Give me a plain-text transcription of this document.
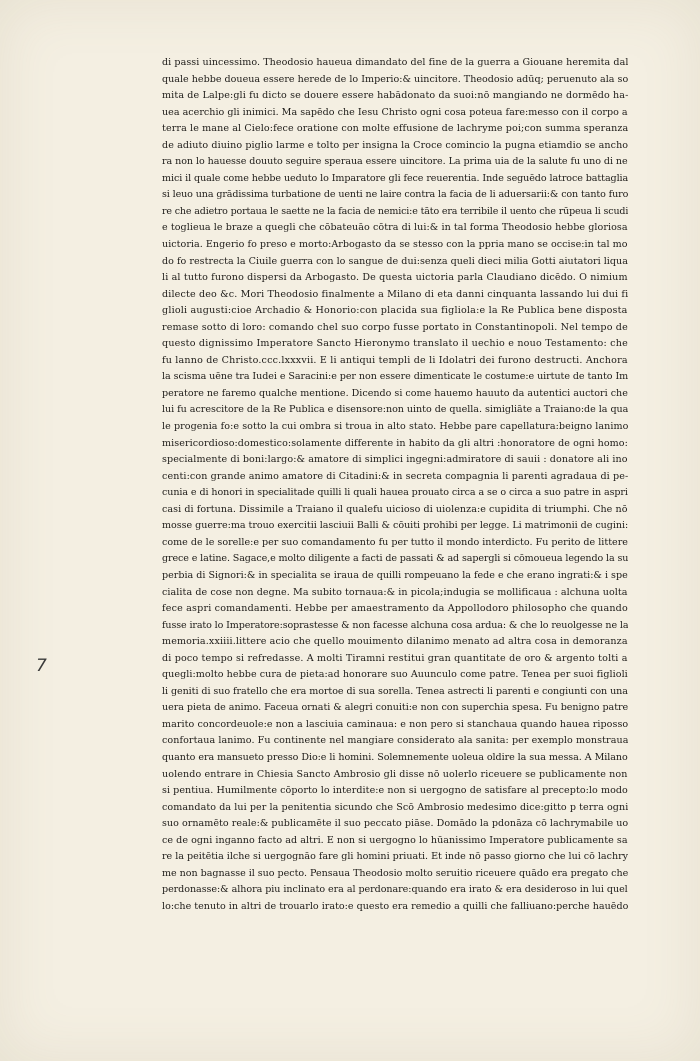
di passi uincessimo. Theodosio haueua dimandato del fine de la guerra a Giouane heremita dal
quale hebbe doueua essere herede de lo Imperio:& uincitore. Theodosio adūq; peruenuto ala so
mita de Lalpe:gli fu dicto se douere essere habādonato da suoi:nō mangiando ne dormēdo ha-
uea acerchio gli inimici. Ma sapēdo che Iesu Christo ogni cosa poteua fare:messo con il corpo a
terra le mane al Cielo:fece oratione con molte effusione de lachryme poi;con summa speranza
de adiuto diuino piglio larme e tolto per insigna la Croce comincio la pugna etiamdio se ancho
ra non lo hauesse douuto seguire speraua essere uincitore. La prima uia de la salute fu uno di ne
mici il quale come hebbe ueduto lo Imparatore gli fece reuerentia. Inde seguēdo latroce battaglia
si leuo una grādissima turbatione de uenti ne laire contra la facia de li aduersarii:& con tanto furo
re che adietro portaua le saette ne la facia de nemici:e tāto era terribile il uento che rūpeua li scudi
e toglieua le braze a quegli che cōbateuāo cōtra di lui:& in tal forma Theodosio hebbe gloriosa
uictoria. Engerio fo preso e morto:Arbogasto da se stesso con la ppria mano se occise:in tal mo
do fo restrecta la Ciuile guerra con lo sangue de dui:senza queli dieci milia Gotti aiutatori liqua
li al tutto furono dispersi da Arbogasto. De questa uictoria parla Claudiano dicēdo. O nimium
dilecte deo &c. Mori Theodosio finalmente a Milano di eta danni cinquanta lassando lui dui fi
glioli augusti:cioe Archadio & Honorio:con placida sua figliola:e la Re Publica bene disposta
remase sotto di loro: comando chel suo corpo fusse portato in Constantinopoli. Nel tempo de
questo dignissimo Imperatore Sancto Hieronymo translato il uechio e nouo Testamento: che
fu lanno de Christo.ccc.lxxxvii. E li antiqui templi de li Idolatri dei furono destructi. Anchora
la scisma uēne tra Iudei e Saracini:e per non essere dimenticate le costume:e uirtute de tanto Im
peratore ne faremo qualche mentione. Dicendo si come hauemo hauuto da autentici auctori che
lui fu acrescitore de la Re Publica e disensore:non uinto de quella. simigliāte a Traiano:de la qua
le progenia fo:e sotto la cui ombra si troua in alto stato. Hebbe pare capellatura:beigno lanimo
misericordioso:domestico:solamente differente in habito da gli altri :honoratore de ogni homo:
specialmente di boni:largo:& amatore di simplici ingegni:admiratore di sauii : donatore ali ino
centi:con grande animo amatore di Citadini:& in secreta compagnia li parenti agradaua di pe-
cunia e di honori in specialitade quilli li quali hauea prouato circa a se o circa a suo patre in aspri
casi di fortuna. Dissimile a Traiano il qualefu uicioso di uiolenza:e cupidita di triumphi. Che nō
mosse guerre:ma trouo exercitii lasciuii Balli & cōuiti prohibi per legge. Li matrimonii de cugini:
come de le sorelle:e per suo comandamento fu per tutto il mondo interdicto. Fu perito de littere
grece e latine. Sagace,e molto diligente a facti de passati & ad sapergli si cōmoueua legendo la su
perbia di Signori:& in specialita se iraua de quilli rompeuano la fede e che erano ingrati:& i spe
cialita de cose non degne. Ma subito tornaua:& in picola;indugia se mollificaua : alchuna uolta
fece aspri comandamenti. Hebbe per amaestramento da Appollodoro philosopho che quando
fusse irato lo Imperatore:soprastesse & non facesse alchuna cosa ardua: & che lo reuolgesse ne la
memoria.xxiiii.littere acio che quello mouimento dilanimo menato ad altra cosa in demoranza
di poco tempo si refredasse. A molti Tiramni restitui gran quantitate de oro & argento tolti a
quegli:molto hebbe cura de pieta:ad honorare suo Auunculo come patre. Tenea per suoi figlioli
li geniti di suo fratello che era mortoe di sua sorella. Tenea astrecti li parenti e congiunti con una
uera pieta de animo. Faceua ornati & alegri conuiti:e non con superchia spesa. Fu benigno patre
marito concordeuole:e non a lasciuia caminaua: e non pero si stanchaua quando hauea riposso
confortaua lanimo. Fu continente nel mangiare considerato ala sanita: per exemplo monstraua
quanto era mansueto presso Dio:e li homini. Solemnemente uoleua oldire la sua messa. A Milano
uolendo entrare in Chiesia Sancto Ambrosio gli disse nō uolerlo riceuere se publicamente non
si pentiua. Humilmente cōporto lo interdite:e non si uergogno de satisfare al precepto:lo modo
comandato da lui per la penitentia sicundo che Scō Ambrosio medesimo dice:gitto p terra ogni
suo ornamēto reale:& publicamēte il suo peccato piāse. Domādo la pdonāza cō lachrymabile uo
ce de ogni inganno facto ad altri. E non si uergogno lo hūanissimo Imperatore publicamente sa
re la peitētia ilche si uergognāo fare gli homini priuati. Et inde nō passo giorno che lui cō lachry
me non bagnasse il suo pecto. Pensaua Theodosio molto seruitio riceuere quādo era pregato che
perdonasse:& alhora piu inclinato era al perdonare:quando era irato & era desideroso in lui quel
lo:che tenuto in altri de trouarlo irato:e questo era remedio a quilli che falliuano:perche hauēdo
7
